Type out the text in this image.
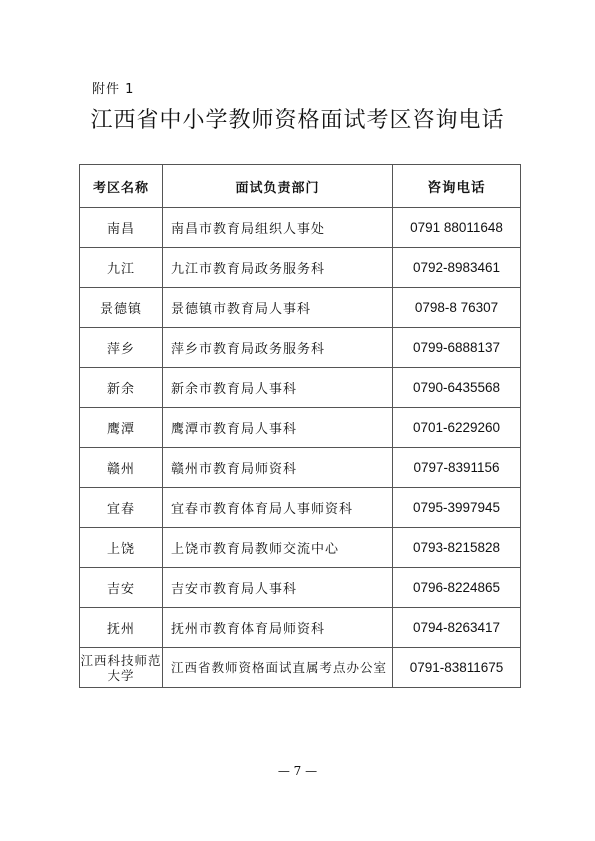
附件 1
江西省中小学教师资格面试考区咨询电话
考区名称	面试负责部门	咨询电话
南昌	南昌市教育局组织人事处	0791 88011648
九江	九江市教育局政务服务科	0792-8983461
景德镇	景德镇市教育局人事科	0798-8 76307
萍乡	萍乡市教育局政务服务科	0799-6888137
新余	新余市教育局人事科	0790-6435568
鹰潭	鹰潭市教育局人事科	0701-6229260
赣州	赣州市教育局师资科	0797-8391156
宜春	宜春市教育体育局人事师资科	0795-3997945
上饶	上饶市教育局教师交流中心	0793-8215828
吉安	吉安市教育局人事科	0796-8224865
抚州	抚州市教育体育局师资科	0794-8263417
江西科技师范大学	江西省教师资格面试直属考点办公室	0791-83811675
— 7 —
